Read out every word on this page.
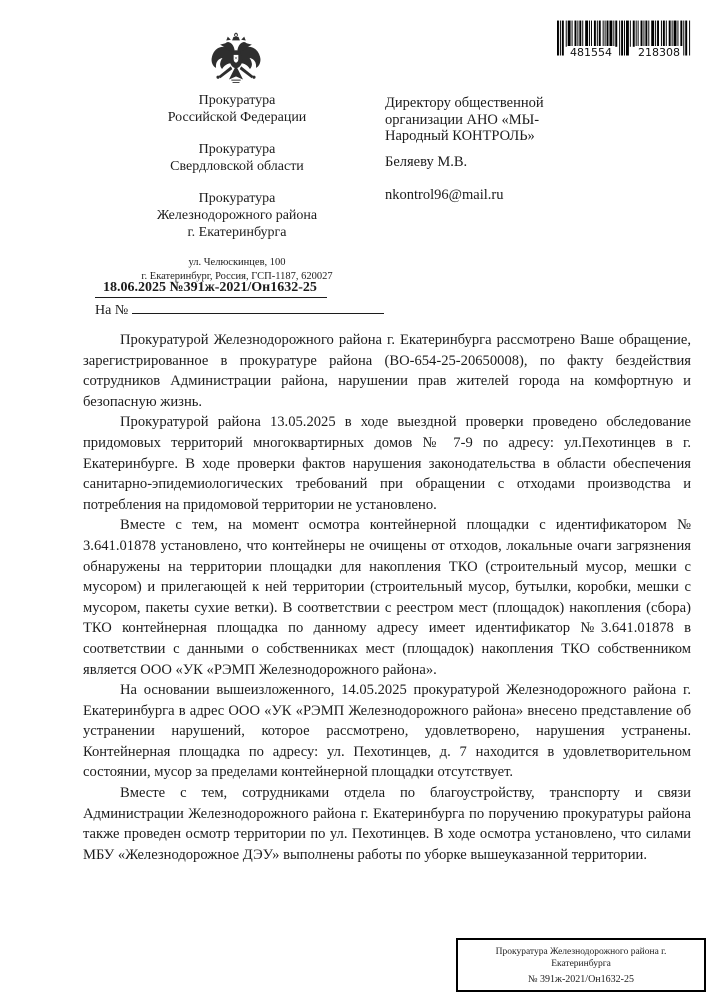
481554 218308
Прокуратура
Российской Федерации
Прокуратура
Свердловской области
Прокуратура
Железнодорожного района
г. Екатеринбурга
ул. Челюскинцев, 100
г. Екатеринбург, Россия, ГСП-1187, 620027
18.06.2025 №391ж-2021/Он1632-25
На №
Директору общественной
организации АНО «МЫ-
Народный КОНТРОЛЬ»
Беляеву М.В.
nkontrol96@mail.ru

Прокуратурой Железнодорожного района г. Екатеринбурга рассмотрено Ваше обращение, зарегистрированное в прокуратуре района (ВО-654-25-20650008), по факту бездействия сотрудников Администрации района, нарушении прав жителей города на комфортную и безопасную жизнь.

Прокуратурой района 13.05.2025 в ходе выездной проверки проведено обследование придомовых территорий многоквартирных домов № 7-9 по адресу: ул.Пехотинцев в г. Екатеринбурге. В ходе проверки фактов нарушения законодательства в области обеспечения санитарно-эпидемиологических требований при обращении с отходами производства и потребления на придомовой территории не установлено.

Вместе с тем, на момент осмотра контейнерной площадки с идентификатором № 3.641.01878 установлено, что контейнеры не очищены от отходов, локальные очаги загрязнения обнаружены на территории площадки для накопления ТКО (строительный мусор, мешки с мусором) и прилегающей к ней территории (строительный мусор, бутылки, коробки, мешки с мусором, пакеты сухие ветки). В соответствии с реестром мест (площадок) накопления (сбора) ТКО контейнерная площадка по данному адресу имеет идентификатор №3.641.01878 в соответствии с данными о собственниках мест (площадок) накопления ТКО собственником является ООО «УК «РЭМП Железнодорожного района».

На основании вышеизложенного, 14.05.2025 прокуратурой Железнодорожного района г. Екатеринбурга в адрес ООО «УК «РЭМП Железнодорожного района» внесено представление об устранении нарушений, которое рассмотрено, удовлетворено, нарушения устранены. Контейнерная площадка по адресу: ул. Пехотинцев, д. 7 находится в удовлетворительном состоянии, мусор за пределами контейнерной площадки отсутствует.

Вместе с тем, сотрудниками отдела по благоустройству, транспорту и связи Администрации Железнодорожного района г. Екатеринбурга по поручению прокуратуры района также проведен осмотр территории по ул. Пехотинцев. В ходе осмотра установлено, что силами МБУ «Железнодорожное ДЭУ» выполнены работы по уборке вышеуказанной территории.

Прокуратура Железнодорожного района г.
Екатеринбурга
№ 391ж-2021/Он1632-25
